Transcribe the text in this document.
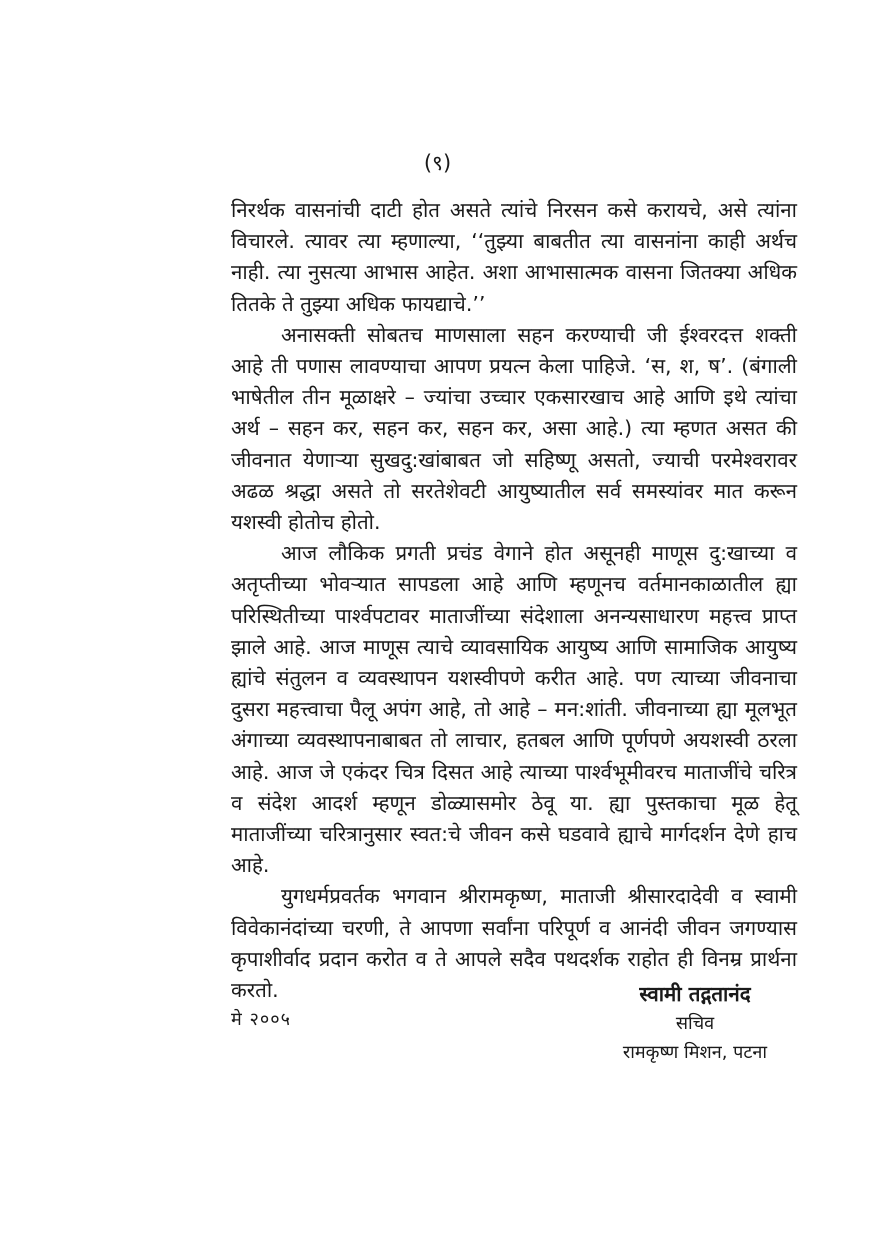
(९)

निरर्थक वासनांची दाटी होत असते त्यांचे निरसन कसे करायचे, असे त्यांना विचारले. त्यावर त्या म्हणाल्या, ‘‘तुझ्या बाबतीत त्या वासनांना काही अर्थच नाही. त्या नुसत्या आभास आहेत. अशा आभासात्मक वासना जितक्या अधिक तितके ते तुझ्या अधिक फायद्याचे.’’

अनासक्ती सोबतच माणसाला सहन करण्याची जी ईश्वरदत्त शक्ती आहे ती पणास लावण्याचा आपण प्रयत्न केला पाहिजे. ‘स, श, ष’. (बंगाली भाषेतील तीन मूळाक्षरे – ज्यांचा उच्चार एकसारखाच आहे आणि इथे त्यांचा अर्थ – सहन कर, सहन कर, सहन कर, असा आहे.) त्या म्हणत असत की जीवनात येणाऱ्या सुखदु:खांबाबत जो सहिष्णू असतो, ज्याची परमेश्वरावर अढळ श्रद्धा असते तो सरतेशेवटी आयुष्यातील सर्व समस्यांवर मात करून यशस्वी होतोच होतो.

आज लौकिक प्रगती प्रचंड वेगाने होत असूनही माणूस दु:खाच्या व अतृप्तीच्या भोवऱ्यात सापडला आहे आणि म्हणूनच वर्तमानकाळातील ह्या परिस्थितीच्या पार्श्वपटावर माताजींच्या संदेशाला अनन्यसाधारण महत्त्व प्राप्त झाले आहे. आज माणूस त्याचे व्यावसायिक आयुष्य आणि सामाजिक आयुष्य ह्यांचे संतुलन व व्यवस्थापन यशस्वीपणे करीत आहे. पण त्याच्या जीवनाचा दुसरा महत्त्वाचा पैलू अपंग आहे, तो आहे – मन:शांती. जीवनाच्या ह्या मूलभूत अंगाच्या व्यवस्थापनाबाबत तो लाचार, हतबल आणि पूर्णपणे अयशस्वी ठरला आहे. आज जे एकंदर चित्र दिसत आहे त्याच्या पार्श्वभूमीवरच माताजींचे चरित्र व संदेश आदर्श म्हणून डोळ्यासमोर ठेवू या. ह्या पुस्तकाचा मूळ हेतू माताजींच्या चरित्रानुसार स्वत:चे जीवन कसे घडवावे ह्याचे मार्गदर्शन देणे हाच आहे.

युगधर्मप्रवर्तक भगवान श्रीरामकृष्ण, माताजी श्रीसारदादेवी व स्वामी विवेकानंदांच्या चरणी, ते आपणा सर्वांना परिपूर्ण व आनंदी जीवन जगण्यास कृपाशीर्वाद प्रदान करोत व ते आपले सदैव पथदर्शक राहोत ही विनम्र प्रार्थना करतो.	स्वामी तद्गतानंद
सचिव
रामकृष्ण मिशन, पटना
मे २००५
